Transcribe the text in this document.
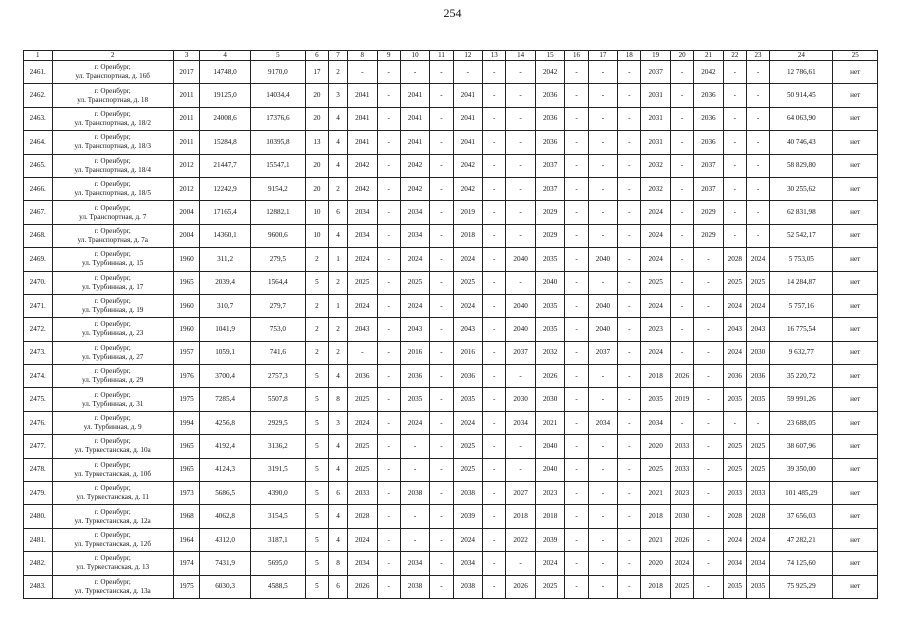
254
1	2	3	4	5	6	7	8	9	10	11	12	13	14	15	16	17	18	19	20	21	22	23	24	25
2461.	г. Оренбург,
ул. Транспортная, д. 16б	2017	14748,0	9170,0	17	2	-	-	-	-	-	-	-	2042	-	-	-	2037	-	2042	-	-	12 786,61	нет
2462.	г. Оренбург,
ул. Транспортная, д. 18	2011	19125,0	14034,4	20	3	2041	-	2041	-	2041	-	-	2036	-	-	-	2031	-	2036	-	-	50 914,45	нет
2463.	г. Оренбург,
ул. Транспортная, д. 18/2	2011	24008,6	17376,6	20	4	2041	-	2041	-	2041	-	-	2036	-	-	-	2031	-	2036	-	-	64 063,90	нет
2464.	г. Оренбург,
ул. Транспортная, д. 18/3	2011	15284,8	10395,8	13	4	2041	-	2041	-	2041	-	-	2036	-	-	-	2031	-	2036	-	-	40 746,43	нет
2465.	г. Оренбург,
ул. Транспортная, д. 18/4	2012	21447,7	15547,1	20	4	2042	-	2042	-	2042	-	-	2037	-	-	-	2032	-	2037	-	-	58 829,80	нет
2466.	г. Оренбург,
ул. Транспортная, д. 18/5	2012	12242,9	9154,2	20	2	2042	-	2042	-	2042	-	-	2037	-	-	-	2032	-	2037	-	-	30 255,62	нет
2467.	г. Оренбург,
ул. Транспортная, д. 7	2004	17165,4	12882,1	10	6	2034	-	2034	-	2019	-	-	2029	-	-	-	2024	-	2029	-	-	62 831,98	нет
2468.	г. Оренбург,
ул. Транспортная, д. 7а	2004	14360,1	9600,6	10	4	2034	-	2034	-	2018	-	-	2029	-	-	-	2024	-	2029	-	-	52 542,17	нет
2469.	г. Оренбург,
ул. Турбинная, д. 15	1960	311,2	279,5	2	1	2024	-	2024	-	2024	-	2040	2035	-	2040	-	2024	-	-	2028	2024	5 753,05	нет
2470.	г. Оренбург,
ул. Турбинная, д. 17	1965	2039,4	1564,4	5	2	2025	-	2025	-	2025	-	-	2040	-	-	-	2025	-	-	2025	2025	14 284,87	нет
2471.	г. Оренбург,
ул. Турбинная, д. 19	1960	310,7	279,7	2	1	2024	-	2024	-	2024	-	2040	2035	-	2040	-	2024	-	-	2024	2024	5 757,16	нет
2472.	г. Оренбург,
ул. Турбинная, д. 23	1960	1041,9	753,0	2	2	2043	-	2043	-	2043	-	2040	2035	-	2040	-	2023	-	-	2043	2043	16 775,54	нет
2473.	г. Оренбург,
ул. Турбинная, д. 27	1957	1059,1	741,6	2	2	-	-	2016	-	2016	-	2037	2032	-	2037	-	2024	-	-	2024	2030	9 632,77	нет
2474.	г. Оренбург,
ул. Турбинная, д. 29	1976	3700,4	2757,3	5	4	2036	-	2036	-	2036	-	-	2026	-	-	-	2018	2026	-	2036	2036	35 220,72	нет
2475.	г. Оренбург,
ул. Турбинная, д. 31	1975	7285,4	5507,8	5	8	2025	-	2035	-	2035	-	2030	2030	-	-	-	2035	2019	-	2035	2035	59 991,26	нет
2476.	г. Оренбург,
ул. Турбинная, д. 9	1994	4256,8	2929,5	5	3	2024	-	2024	-	2024	-	2034	2021	-	2034	-	2034	-	-	-	-	23 688,05	нет
2477.	г. Оренбург,
ул. Туркестанская, д. 10а	1965	4192,4	3136,2	5	4	2025	-	-	-	2025	-	-	2040	-	-	-	2020	2033	-	2025	2025	38 607,96	нет
2478.	г. Оренбург,
ул. Туркестанская, д. 10б	1965	4124,3	3191,5	5	4	2025	-	-	-	2025	-	-	2040	-	-	-	2025	2033	-	2025	2025	39 350,00	нет
2479.	г. Оренбург,
ул. Туркестанская, д. 11	1973	5686,5	4390,0	5	6	2033	-	2038	-	2038	-	2027	2023	-	-	-	2021	2023	-	2033	2033	101 485,29	нет
2480.	г. Оренбург,
ул. Туркестанская, д. 12а	1968	4062,8	3154,5	5	4	2028	-	-	-	2039	-	2018	2018	-	-	-	2018	2030	-	2028	2028	37 656,03	нет
2481.	г. Оренбург,
ул. Туркестанская, д. 12б	1964	4312,0	3187,1	5	4	2024	-	-	-	2024	-	2022	2039	-	-	-	2021	2026	-	2024	2024	47 282,21	нет
2482.	г. Оренбург,
ул. Туркестанская, д. 13	1974	7431,9	5695,0	5	8	2034	-	2034	-	2034	-	-	2024	-	-	-	2020	2024	-	2034	2034	74 125,60	нет
2483.	г. Оренбург,
ул. Туркестанская, д. 13а	1975	6030,3	4588,5	5	6	2026	-	2038	-	2038	-	2026	2025	-	-	-	2018	2025	-	2035	2035	75 925,29	нет
